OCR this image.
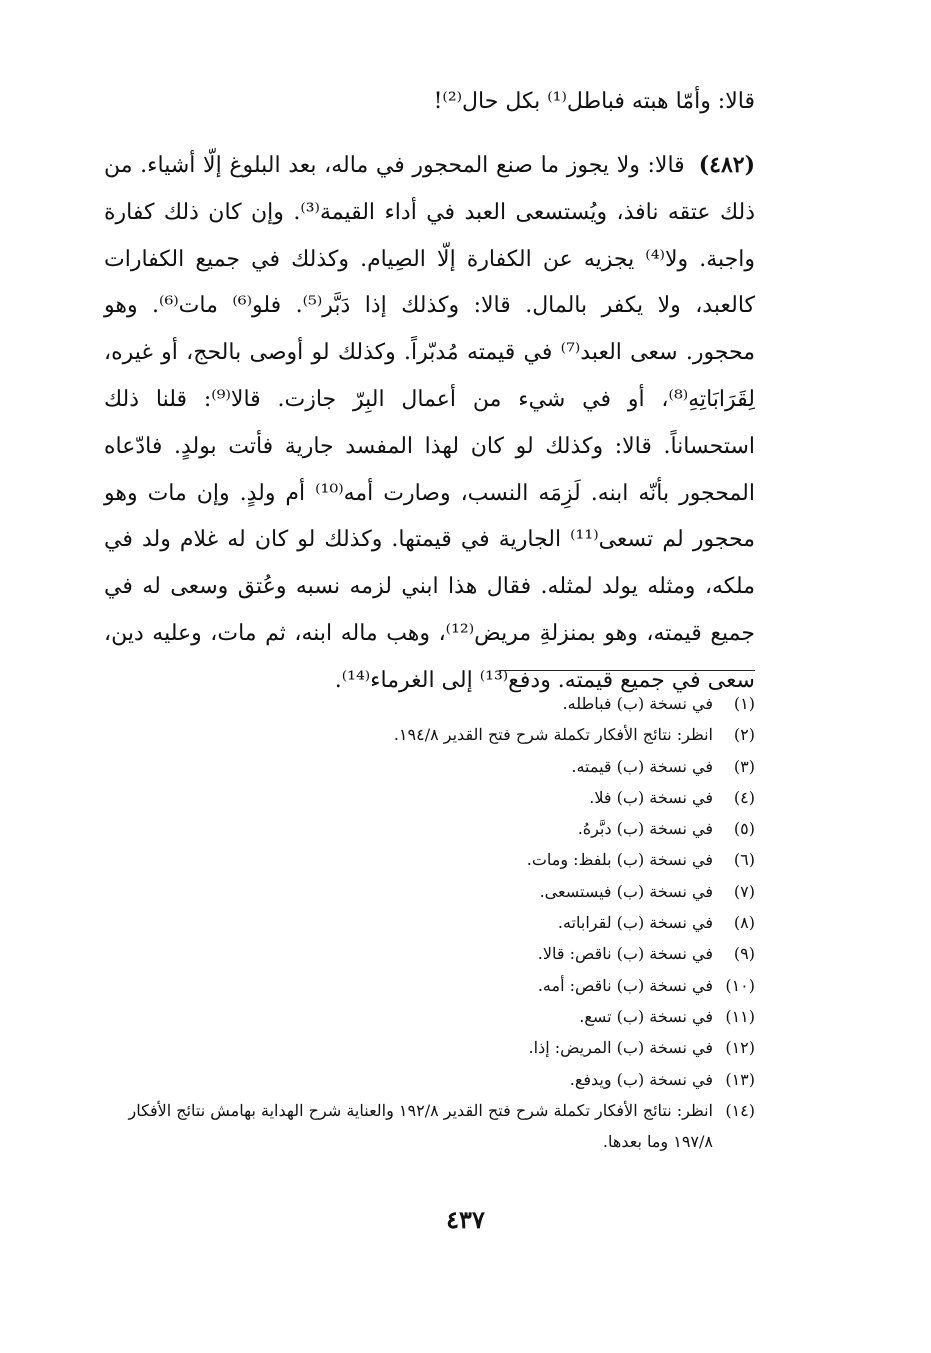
قالا: وأمّا هبته فباطل⁽¹⁾ بكل حال⁽²⁾!
(٤٨٢)قالا: ولا يجوز ما صنع المحجور في ماله، بعد البلوغ إلّا أشياء. من ذلك عتقه نافذ، ويُستسعى العبد في أداء القيمة⁽³⁾. وإن كان ذلك كفارة واجبة. ولا⁽⁴⁾ يجزيه عن الكفارة إلّا الصِيام. وكذلك في جميع الكفارات كالعبد، ولا يكفر بالمال. قالا: وكذلك إذا دَبَّر⁽⁵⁾. فلو⁽⁶⁾ مات⁽⁶⁾. وهو محجور. سعى العبد⁽⁷⁾ في قيمته مُدبّراً. وكذلك لو أوصى بالحج، أو غيره، لِقَرَابَاتِهِ⁽⁸⁾، أو في شيء من أعمال البِرّ جازت. قالا⁽⁹⁾: قلنا ذلك استحساناً. قالا: وكذلك لو كان لهذا المفسد جارية فأتت بولدٍ. فادّعاه المحجور بأنّه ابنه. لَزِمَه النسب، وصارت أمه⁽¹⁰⁾ أم ولدٍ. وإن مات وهو محجور لم تسعى⁽¹¹⁾ الجارية في قيمتها. وكذلك لو كان له غلام ولد في ملكه، ومثله يولد لمثله. فقال هذا ابني لزمه نسبه وعُتق وسعى له في جميع قيمته، وهو بمنزلةِ مريض⁽¹²⁾، وهب ماله ابنه، ثم مات، وعليه دين، سعى في جميع قيمته. ودفع⁽¹³⁾ إلى الغرماء⁽¹⁴⁾.
(١)
في نسخة (ب) فباطله.
(٢)
انظر: نتائج الأفكار تكملة شرح فتح القدير ١٩٤/٨.
(٣)
في نسخة (ب) قيمته.
(٤)
في نسخة (ب) فلا.
(٥)
في نسخة (ب) دبَّرهُ.
(٦)
في نسخة (ب) بلفظ: ومات.
(٧)
في نسخة (ب) فيستسعى.
(٨)
في نسخة (ب) لقراباته.
(٩)
في نسخة (ب) ناقص: قالا.
(١٠)
في نسخة (ب) ناقص: أمه.
(١١)
في نسخة (ب) تسع.
(١٢)
في نسخة (ب) المريض: إذا.
(١٣)
في نسخة (ب) ويدفع.
(١٤)
انظر: نتائج الأفكار تكملة شرح فتح القدير ١٩٢/٨ والعناية شرح الهداية بهامش نتائج الأفكار ١٩٧/٨ وما بعدها.
٤٣٧
